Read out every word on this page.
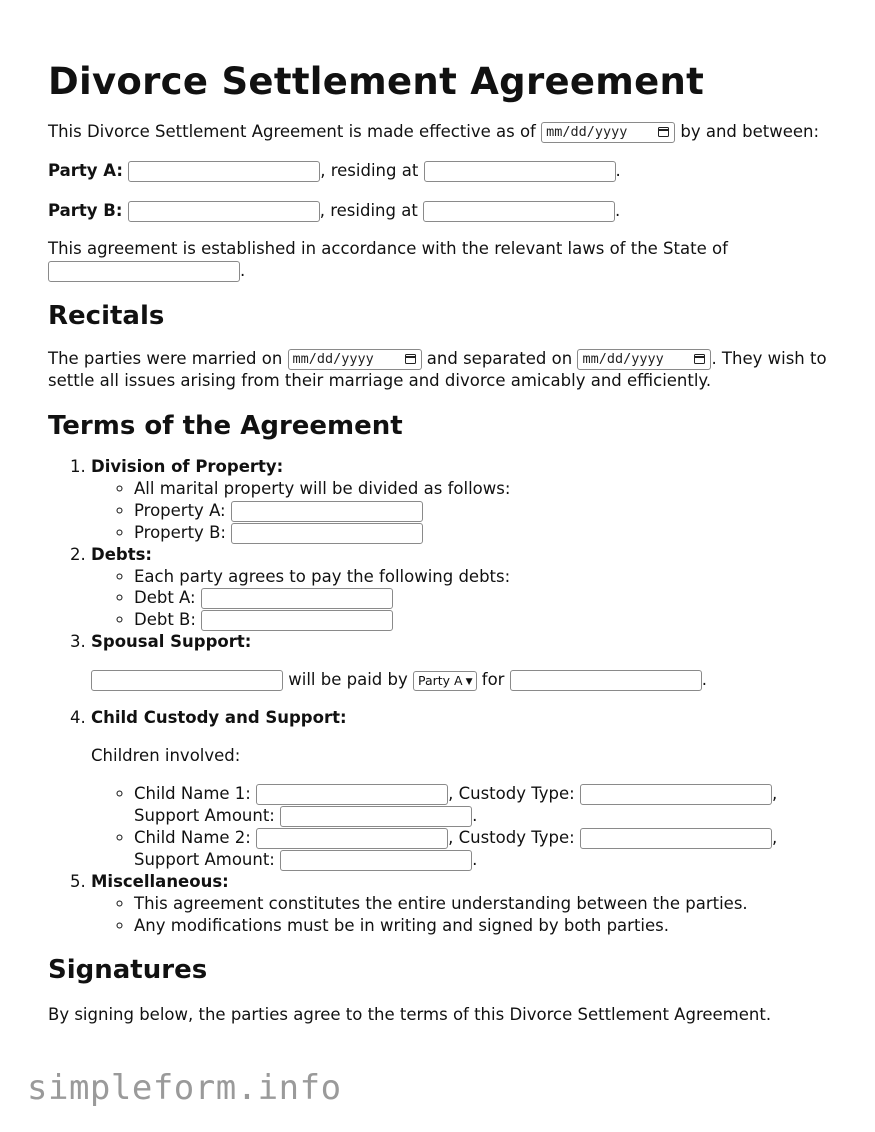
Divorce Settlement Agreement

This Divorce Settlement Agreement is made effective as of mm/dd/yyyy	by and between:

Party A:	, residing at	.

Party B:	, residing at	.

This agreement is established in accordance with the relevant laws of the State of
.

Recitals

The parties were married on mm/dd/yyyy	and separated on mm/dd/yyyy	. They wish to settle all issues arising from their marriage and divorce amicably and efficiently.

Terms of the Agreement
1. Division of Property:
◦ All marital property will be divided as follows:
◦ Property A:
◦ Property B:
2. Debts:
◦ Each party agrees to pay the following debts:
◦ Debt A:
◦ Debt B:
3. Spousal Support:

will be paid by Party A ▼ for	.

4. Child Custody and Support:

Children involved:

◦ Child Name 1:	, Custody Type:	,
Support Amount:	.
◦ Child Name 2:	, Custody Type:	,
Support Amount:	.
5. Miscellaneous:
◦ This agreement constitutes the entire understanding between the parties.
◦ Any modifications must be in writing and signed by both parties.
Signatures

By signing below, the parties agree to the terms of this Divorce Settlement Agreement.

simpleform.info
